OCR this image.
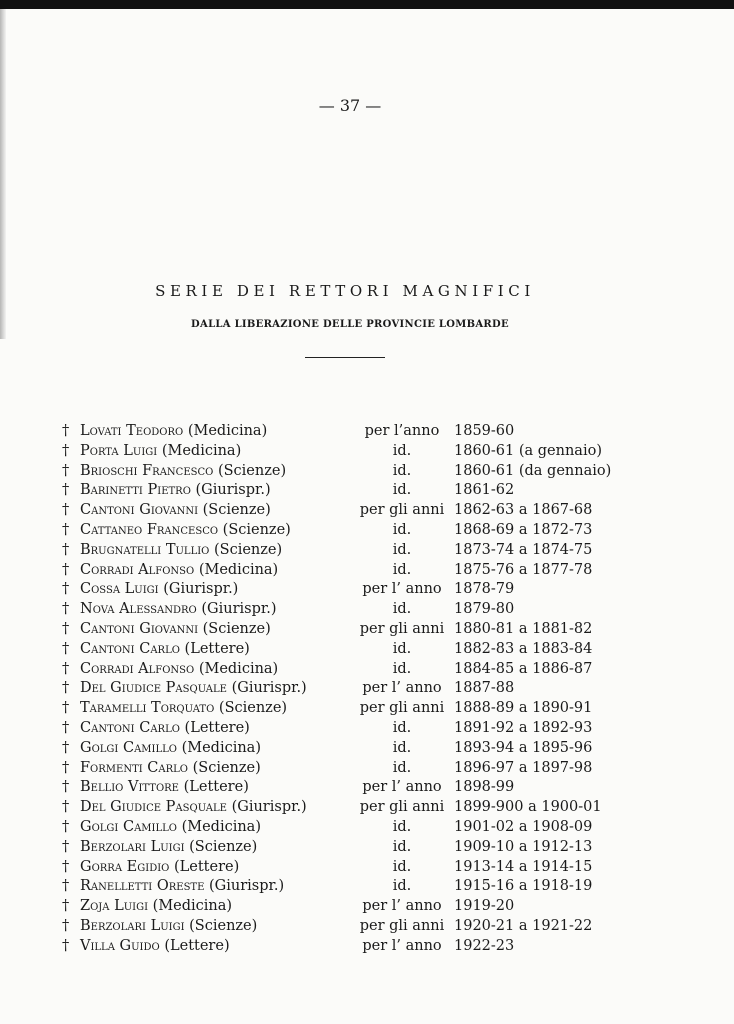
— 37 —
SERIE DEI RETTORI MAGNIFICI
DALLA LIBERAZIONE DELLE PROVINCIE LOMBARDE
† Lovati Teodoro (Medicina)	per l’anno	1859-60
† Porta Luigi (Medicina)	id.	1860-61 (a gennaio)
† Brioschi Francesco (Scienze)	id.	1860-61 (da gennaio)
† Barinetti Pietro (Giurispr.)	id.	1861-62
† Cantoni Giovanni (Scienze)	per gli anni 1862-63 a 1867-68
† Cattaneo Francesco (Scienze)	id.	1868-69 a 1872-73
† Brugnatelli Tullio (Scienze)	id.	1873-74 a 1874-75
† Corradi Alfonso (Medicina)	id.	1875-76 a 1877-78
† Cossa Luigi (Giurispr.)	per l’ anno 1878-79
† Nova Alessandro (Giurispr.)	id.	1879-80
† Cantoni Giovanni (Scienze)	per gli anni 1880-81 a 1881-82
† Cantoni Carlo (Lettere)	id.	1882-83 a 1883-84
† Corradi Alfonso (Medicina)	id.	1884-85 a 1886-87
† Del Giudice Pasquale (Giurispr.)	per l’ anno 1887-88
† Taramelli Torquato (Scienze)	per gli anni 1888-89 a 1890-91
† Cantoni Carlo (Lettere)	id.	1891-92 a 1892-93
† Golgi Camillo (Medicina)	id.	1893-94 a 1895-96
† Formenti Carlo (Scienze)	id.	1896-97 a 1897-98
† Bellio Vittore (Lettere)	per l’ anno 1898-99
† Del Giudice Pasquale (Giurispr.)	per gli anni 1899-900 a 1900-01
† Golgi Camillo (Medicina)	id.	1901-02 a 1908-09
† Berzolari Luigi (Scienze)	id.	1909-10 a 1912-13
† Gorra Egidio (Lettere)	id.	1913-14 a 1914-15
† Ranelletti Oreste (Giurispr.)	id.	1915-16 a 1918-19
† Zoja Luigi (Medicina)	per l’ anno 1919-20
† Berzolari Luigi (Scienze)	per gli anni 1920-21 a 1921-22
† Villa Guido (Lettere)	per l’ anno 1922-23
